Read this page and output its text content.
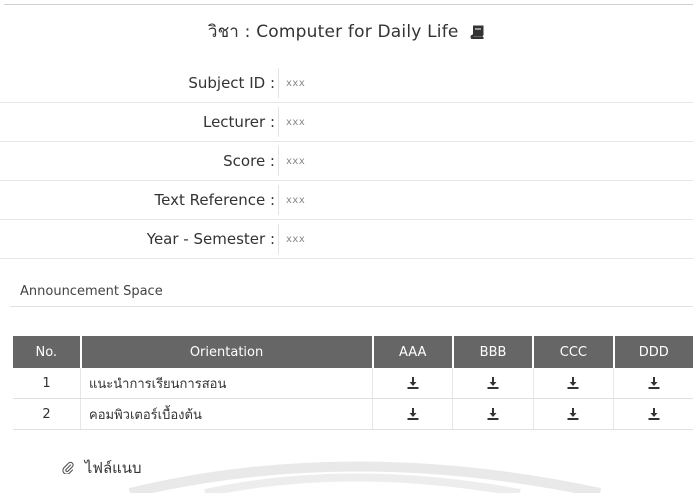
วิชา : Computer for Daily Life
Subject ID : xxx
Lecturer : xxx
Score : xxx
Text Reference : xxx
Year - Semester : xxx
Announcement Space
No.	Orientation	AAA	BBB	CCC	DDD
1	แนะนำการเรียนการสอน				
2	คอมพิวเตอร์เบื้องต้น				
ไฟล์แนบ
